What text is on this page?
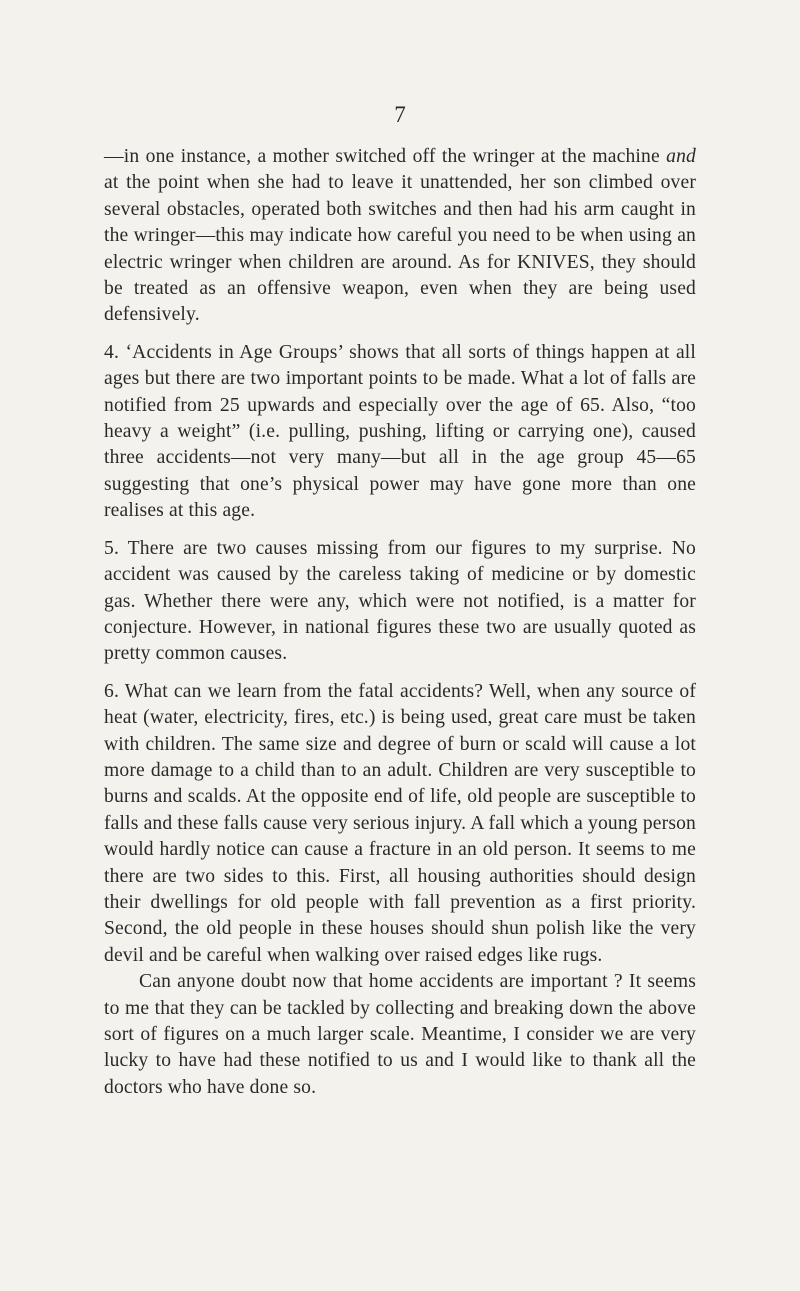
7

—in one instance, a mother switched off the wringer at the machine and at the point when she had to leave it unattended, her son climbed over several obstacles, operated both switches and then had his arm caught in the wringer—this may indicate how careful you need to be when using an electric wringer when children are around. As for KNIVES, they should be treated as an offensive weapon, even when they are being used defensively.

4. ‘Accidents in Age Groups’ shows that all sorts of things happen at all ages but there are two important points to be made. What a lot of falls are notified from 25 upwards and especially over the age of 65. Also, “too heavy a weight” (i.e. pulling, pushing, lifting or carrying one), caused three accidents—not very many—but all in the age group 45—65 suggesting that one’s physical power may have gone more than one realises at this age.

5. There are two causes missing from our figures to my surprise. No accident was caused by the careless taking of medicine or by domestic gas. Whether there were any, which were not notified, is a matter for conjecture. However, in national figures these two are usually quoted as pretty common causes.

6. What can we learn from the fatal accidents? Well, when any source of heat (water, electricity, fires, etc.) is being used, great care must be taken with children. The same size and degree of burn or scald will cause a lot more damage to a child than to an adult. Children are very susceptible to burns and scalds. At the opposite end of life, old people are susceptible to falls and these falls cause very serious injury. A fall which a young person would hardly notice can cause a fracture in an old person. It seems to me there are two sides to this. First, all housing authorities should design their dwellings for old people with fall prevention as a first priority. Second, the old people in these houses should shun polish like the very devil and be careful when walking over raised edges like rugs.

Can anyone doubt now that home accidents are important ? It seems to me that they can be tackled by collecting and breaking down the above sort of figures on a much larger scale. Meantime, I consider we are very lucky to have had these notified to us and I would like to thank all the doctors who have done so.
